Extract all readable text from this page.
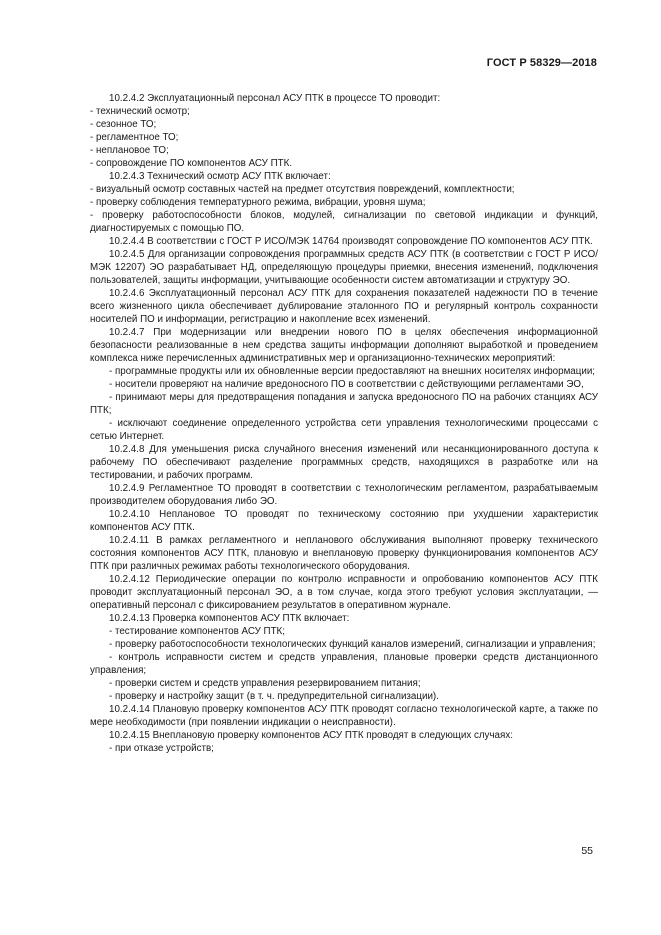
ГОСТ Р 58329—2018

10.2.4.2 Эксплуатационный персонал АСУ ПТК в процессе ТО проводит:

- технический осмотр;

- сезонное ТО;

- регламентное ТО;

- неплановое ТО;

- сопровождение ПО компонентов АСУ ПТК.

10.2.4.3 Технический осмотр АСУ ПТК включает:

- визуальный осмотр составных частей на предмет отсутствия повреждений, комплектности;

- проверку соблюдения температурного режима, вибрации, уровня шума;

- проверку работоспособности блоков, модулей, сигнализации по световой индикации и функций, диагностируемых с помощью ПО.

10.2.4.4 В соответствии с ГОСТ Р ИСО/МЭК 14764 производят сопровождение ПО компонентов АСУ ПТК.

10.2.4.5 Для организации сопровождения программных средств АСУ ПТК (в соответствии с ГОСТ Р ИСО/МЭК 12207) ЭО разрабатывает НД, определяющую процедуры приемки, внесения изменений, подключения пользователей, защиты информации, учитывающие особенности систем автоматизации и структуру ЭО.

10.2.4.6 Эксплуатационный персонал АСУ ПТК для сохранения показателей надежности ПО в течение всего жизненного цикла обеспечивает дублирование эталонного ПО и регулярный контроль сохранности носителей ПО и информации, регистрацию и накопление всех изменений.

10.2.4.7 При модернизации или внедрении нового ПО в целях обеспечения информационной безопасности реализованные в нем средства защиты информации дополняют выработкой и проведением комплекса ниже перечисленных административных мер и организационно-технических мероприятий:

- программные продукты или их обновленные версии предоставляют на внешних носителях информации;

- носители проверяют на наличие вредоносного ПО в соответствии с действующими регламентами ЭО,

- принимают меры для предотвращения попадания и запуска вредоносного ПО на рабочих станциях АСУ ПТК;

- исключают соединение определенного устройства сети управления технологическими процессами с сетью Интернет.

10.2.4.8 Для уменьшения риска случайного внесения изменений или несанкционированного доступа к рабочему ПО обеспечивают разделение программных средств, находящихся в разработке или на тестировании, и рабочих программ.

10.2.4.9 Регламентное ТО проводят в соответствии с технологическим регламентом, разрабатываемым производителем оборудования либо ЭО.

10.2.4.10 Неплановое ТО проводят по техническому состоянию при ухудшении характеристик компонентов АСУ ПТК.

10.2.4.11 В рамках регламентного и непланового обслуживания выполняют проверку технического состояния компонентов АСУ ПТК, плановую и внеплановую проверку функционирования компонентов АСУ ПТК при различных режимах работы технологического оборудования.

10.2.4.12 Периодические операции по контролю исправности и опробованию компонентов АСУ ПТК проводит эксплуатационный персонал ЭО, а в том случае, когда этого требуют условия эксплуатации, — оперативный персонал с фиксированием результатов в оперативном журнале.

10.2.4.13 Проверка компонентов АСУ ПТК включает:

- тестирование компонентов АСУ ПТК;

- проверку работоспособности технологических функций каналов измерений, сигнализации и управления;

- контроль исправности систем и средств управления, плановые проверки средств дистанционного управления;

- проверки систем и средств управления резервированием питания;

- проверку и настройку защит (в т. ч. предупредительной сигнализации).

10.2.4.14 Плановую проверку компонентов АСУ ПТК проводят согласно технологической карте, а также по мере необходимости (при появлении индикации о неисправности).

10.2.4.15 Внеплановую проверку компонентов АСУ ПТК проводят в следующих случаях:

- при отказе устройств;

55
